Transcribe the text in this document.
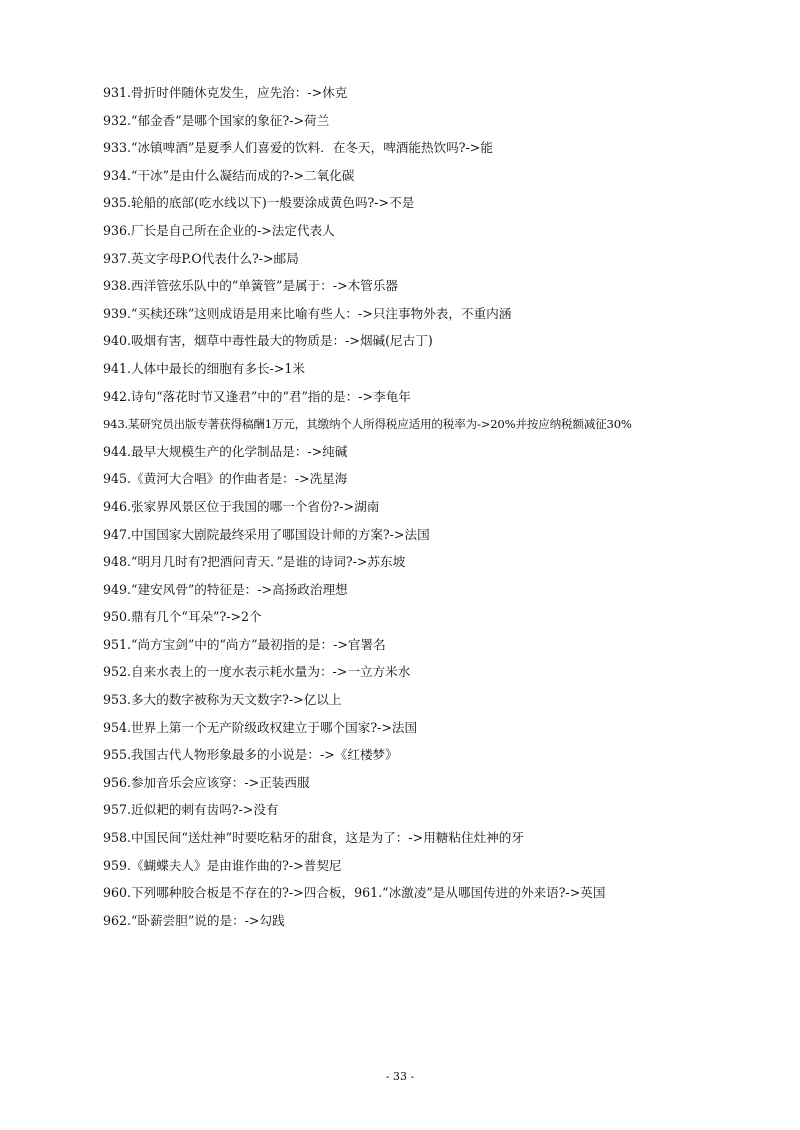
931.骨折时伴随休克发生，应先治：->休克
932.“郁金香”是哪个国家的象征?->荷兰
933.“冰镇啤酒”是夏季人们喜爱的饮料．在冬天，啤酒能热饮吗?->能
934.“干冰”是由什么凝结而成的?->二氧化碳
935.轮船的底部(吃水线以下)一般要涂成黄色吗?->不是
936.厂长是自己所在企业的->法定代表人
937.英文字母P.O代表什么?->邮局
938.西洋管弦乐队中的“单簧管”是属于：->木管乐器
939.“买椟还珠”这则成语是用来比喻有些人：->只注事物外表，不重内涵
940.吸烟有害，烟草中毒性最大的物质是：->烟碱(尼古丁)
941.人体中最长的细胞有多长->1米
942.诗句“落花时节又逢君”中的“君”指的是：->李龟年
943.某研究员出版专著获得稿酬1万元，其缴纳个人所得税应适用的税率为->20%并按应纳税额减征30%
944.最早大规模生产的化学制品是：->纯碱
945.《黄河大合唱》的作曲者是：->冼星海
946.张家界风景区位于我国的哪一个省份?->湖南
947.中国国家大剧院最终采用了哪国设计师的方案?->法国
948.“明月几时有?把酒问青天．”是谁的诗词?->苏东坡
949.“建安风骨”的特征是：->高扬政治理想
950.鼎有几个“耳朵”?->2个
951.“尚方宝剑”中的“尚方”最初指的是：->官署名
952.自来水表上的一度水表示耗水量为：->一立方米水
953.多大的数字被称为天文数字?->亿以上
954.世界上第一个无产阶级政权建立于哪个国家?->法国
955.我国古代人物形象最多的小说是：->《红楼梦》
956.参加音乐会应该穿：->正装西服
957.近似耙的刺有齿吗?->没有
958.中国民间“送灶神”时要吃粘牙的甜食，这是为了：->用糖粘住灶神的牙
959.《蝴蝶夫人》是由谁作曲的?->普契尼
960.下列哪种胶合板是不存在的?->四合板，961.“冰激凌”是从哪国传进的外来语?->英国
962.“卧薪尝胆”说的是：->勾践
- 33 -
